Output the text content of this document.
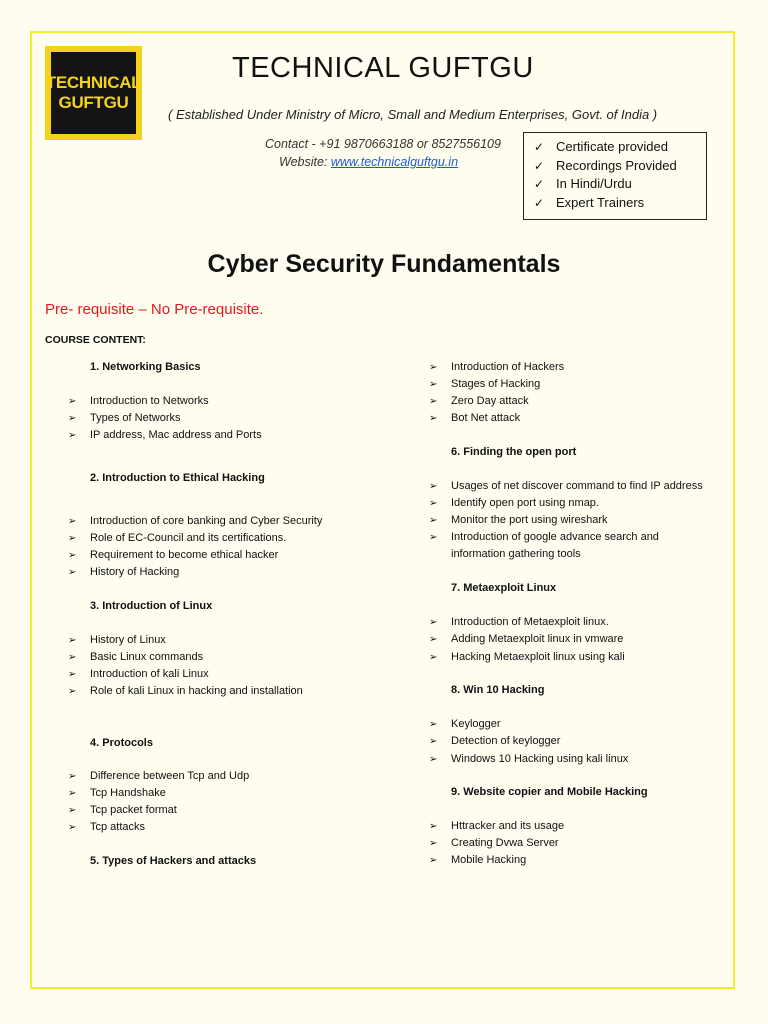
TECHNICAL
GUFTGU
TECHNICAL GUFTGU
( Established Under Ministry of Micro, Small and Medium Enterprises, Govt. of India )
Contact - +91 9870663188 or 8527556109
Website: www.technicalguftgu.in
✓ Certificate provided
✓ Recordings Provided
✓ In Hindi/Urdu
✓ Expert Trainers
Cyber Security Fundamentals
Pre- requisite – No Pre-requisite.
COURSE CONTENT:
1. Networking Basics
➢ Introduction to Networks
➢ Types of Networks
➢ IP address, Mac address and Ports
2. Introduction to Ethical Hacking
➢ Introduction of core banking and Cyber Security
➢ Role of EC-Council and its certifications.
➢ Requirement to become ethical hacker
➢ History of Hacking
3. Introduction of Linux
➢ History of Linux
➢ Basic Linux commands
➢ Introduction of kali Linux
➢ Role of kali Linux in hacking and installation
4. Protocols
➢ Difference between Tcp and Udp
➢ Tcp Handshake
➢ Tcp packet format
➢ Tcp attacks
5. Types of Hackers and attacks
➢ Introduction of Hackers
➢ Stages of Hacking
➢ Zero Day attack
➢ Bot Net attack
6. Finding the open port
➢ Usages of net discover command to find IP address
➢ Identify open port using nmap.
➢ Monitor the port using wireshark
➢ Introduction of google advance search and
information gathering tools
7. Metaexploit Linux
➢ Introduction of Metaexploit linux.
➢ Adding Metaexploit linux in vmware
➢ Hacking Metaexploit linux using kali
8. Win 10 Hacking
➢ Keylogger
➢ Detection of keylogger
➢ Windows 10 Hacking using kali linux
9. Website copier and Mobile Hacking
➢ Httracker and its usage
➢ Creating Dvwa Server
➢ Mobile Hacking
